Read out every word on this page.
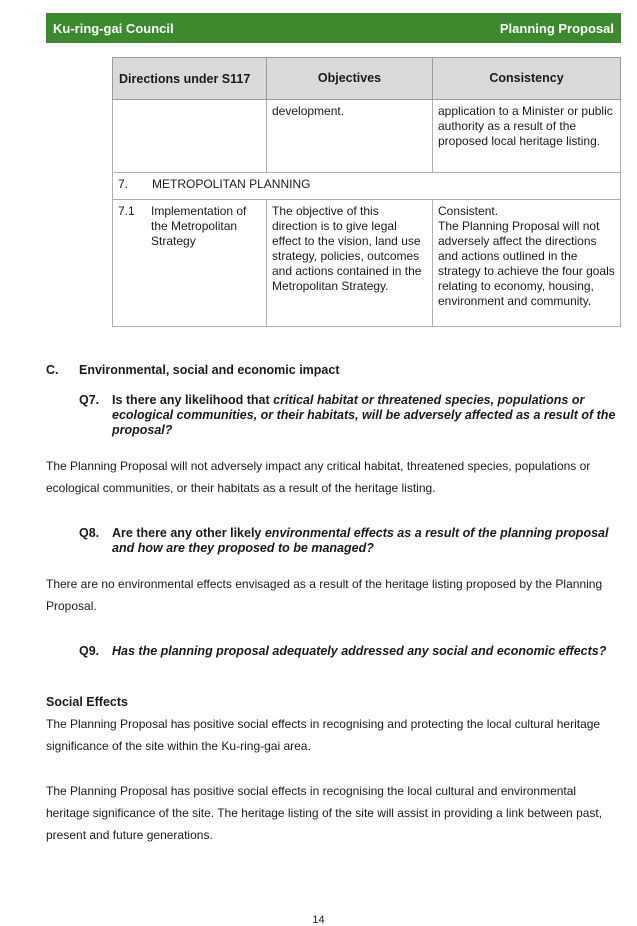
Ku-ring-gai Council	Planning Proposal
Directions under S117		Objectives	Consistency
		development.	application to a Minister or public authority as a result of the proposed local heritage listing.
7.	METROPOLITAN PLANNING		
7.1	Implementation of the Metropolitan Strategy	The objective of this direction is to give legal effect to the vision, land use strategy, policies, outcomes and actions contained in the Metropolitan Strategy.	Consistent.
The Planning Proposal will not adversely affect the directions and actions outlined in the strategy to achieve the four goals relating to economy, housing, environment and community.
C. Environmental, social and economic impact
Q7. Is there any likelihood that critical habitat or threatened species, populations or ecological communities, or their habitats, will be adversely affected as a result of the proposal?
The Planning Proposal will not adversely impact any critical habitat, threatened species, populations or ecological communities, or their habitats as a result of the heritage listing.
Q8. Are there any other likely environmental effects as a result of the planning proposal and how are they proposed to be managed?
There are no environmental effects envisaged as a result of the heritage listing proposed by the Planning Proposal.
Q9. Has the planning proposal adequately addressed any social and economic effects?
Social Effects
The Planning Proposal has positive social effects in recognising and protecting the local cultural heritage significance of the site within the Ku-ring-gai area.
The Planning Proposal has positive social effects in recognising the local cultural and environmental heritage significance of the site. The heritage listing of the site will assist in providing a link between past, present and future generations.
14
